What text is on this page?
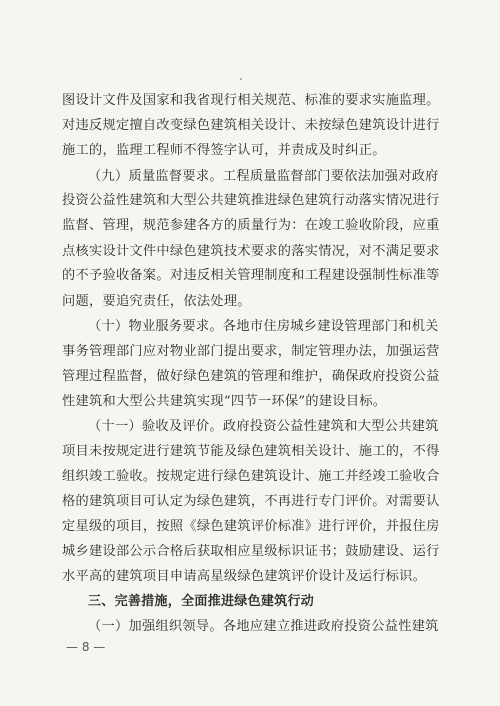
图设计文件及国家和我省现行相关规范、标准的要求实施监理。
对违反规定擅自改变绿色建筑相关设计、未按绿色建筑设计进行
施工的，监理工程师不得签字认可，并责成及时纠正。
（九）质量监督要求。工程质量监督部门要依法加强对政府
投资公益性建筑和大型公共建筑推进绿色建筑行动落实情况进行
监督、管理，规范参建各方的质量行为：在竣工验收阶段，应重
点核实设计文件中绿色建筑技术要求的落实情况，对不满足要求
的不予验收备案。对违反相关管理制度和工程建设强制性标准等
问题，要追究责任，依法处理。
（十）物业服务要求。各地市住房城乡建设管理部门和机关
事务管理部门应对物业部门提出要求，制定管理办法，加强运营
管理过程监督，做好绿色建筑的管理和维护，确保政府投资公益
性建筑和大型公共建筑实现“四节一环保”的建设目标。
（十一）验收及评价。政府投资公益性建筑和大型公共建筑
项目未按规定进行建筑节能及绿色建筑相关设计、施工的，不得
组织竣工验收。按规定进行绿色建筑设计、施工并经竣工验收合
格的建筑项目可认定为绿色建筑，不再进行专门评价。对需要认
定星级的项目，按照《绿色建筑评价标准》进行评价，并报住房
城乡建设部公示合格后获取相应星级标识证书；鼓励建设、运行
水平高的建筑项目申请高星级绿色建筑评价设计及运行标识。
三、完善措施，全面推进绿色建筑行动
（一）加强组织领导。各地应建立推进政府投资公益性建筑
— 8 —
